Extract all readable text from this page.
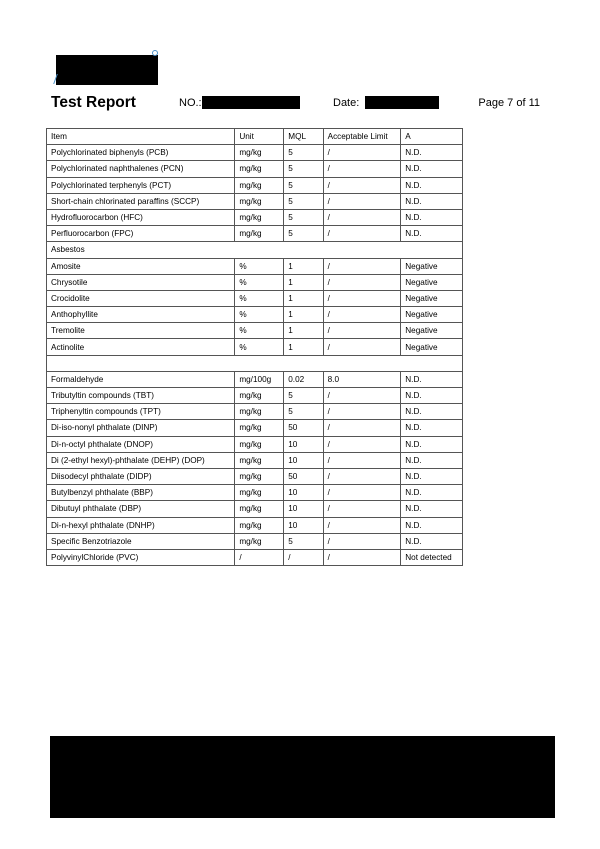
Test Report	NO.:	Date:	Page 7 of 11
Item	Unit	MQL	Acceptable Limit	A
Polychlorinated biphenyls (PCB)	mg/kg	5	/	N.D.
Polychlorinated naphthalenes (PCN)	mg/kg	5	/	N.D.
Polychlorinated terphenyls (PCT)	mg/kg	5	/	N.D.
Short-chain chlorinated paraffins (SCCP)	mg/kg	5	/	N.D.
Hydrofluorocarbon (HFC)	mg/kg	5	/	N.D.
Perfluorocarbon (FPC)	mg/kg	5	/	N.D.
Asbestos				
Amosite	%	1	/	Negative
Chrysotile	%	1	/	Negative
Crocidolite	%	1	/	Negative
Anthophyllite	%	1	/	Negative
Tremolite	%	1	/	Negative
Actinolite	%	1	/	Negative

Formaldehyde	mg/100g	0.02	8.0	N.D.
Tributyltin compounds (TBT)	mg/kg	5	/	N.D.
Triphenyltin compounds (TPT)	mg/kg	5	/	N.D.
Di-iso-nonyl phthalate (DINP)	mg/kg	50	/	N.D.
Di-n-octyl phthalate (DNOP)	mg/kg	10	/	N.D.
Di (2-ethyl hexyl)-phthalate (DEHP) (DOP)	mg/kg	10	/	N.D.
Diisodecyl phthalate (DIDP)	mg/kg	50	/	N.D.
Butylbenzyl phthalate (BBP)	mg/kg	10	/	N.D.
Dibutuyl phthalate (DBP)	mg/kg	10	/	N.D.
Di-n-hexyl phthalate (DNHP)	mg/kg	10	/	N.D.
Specific Benzotriazole	mg/kg	5	/	N.D.
PolyvinylChloride (PVC)	/	/	/	Not detected
